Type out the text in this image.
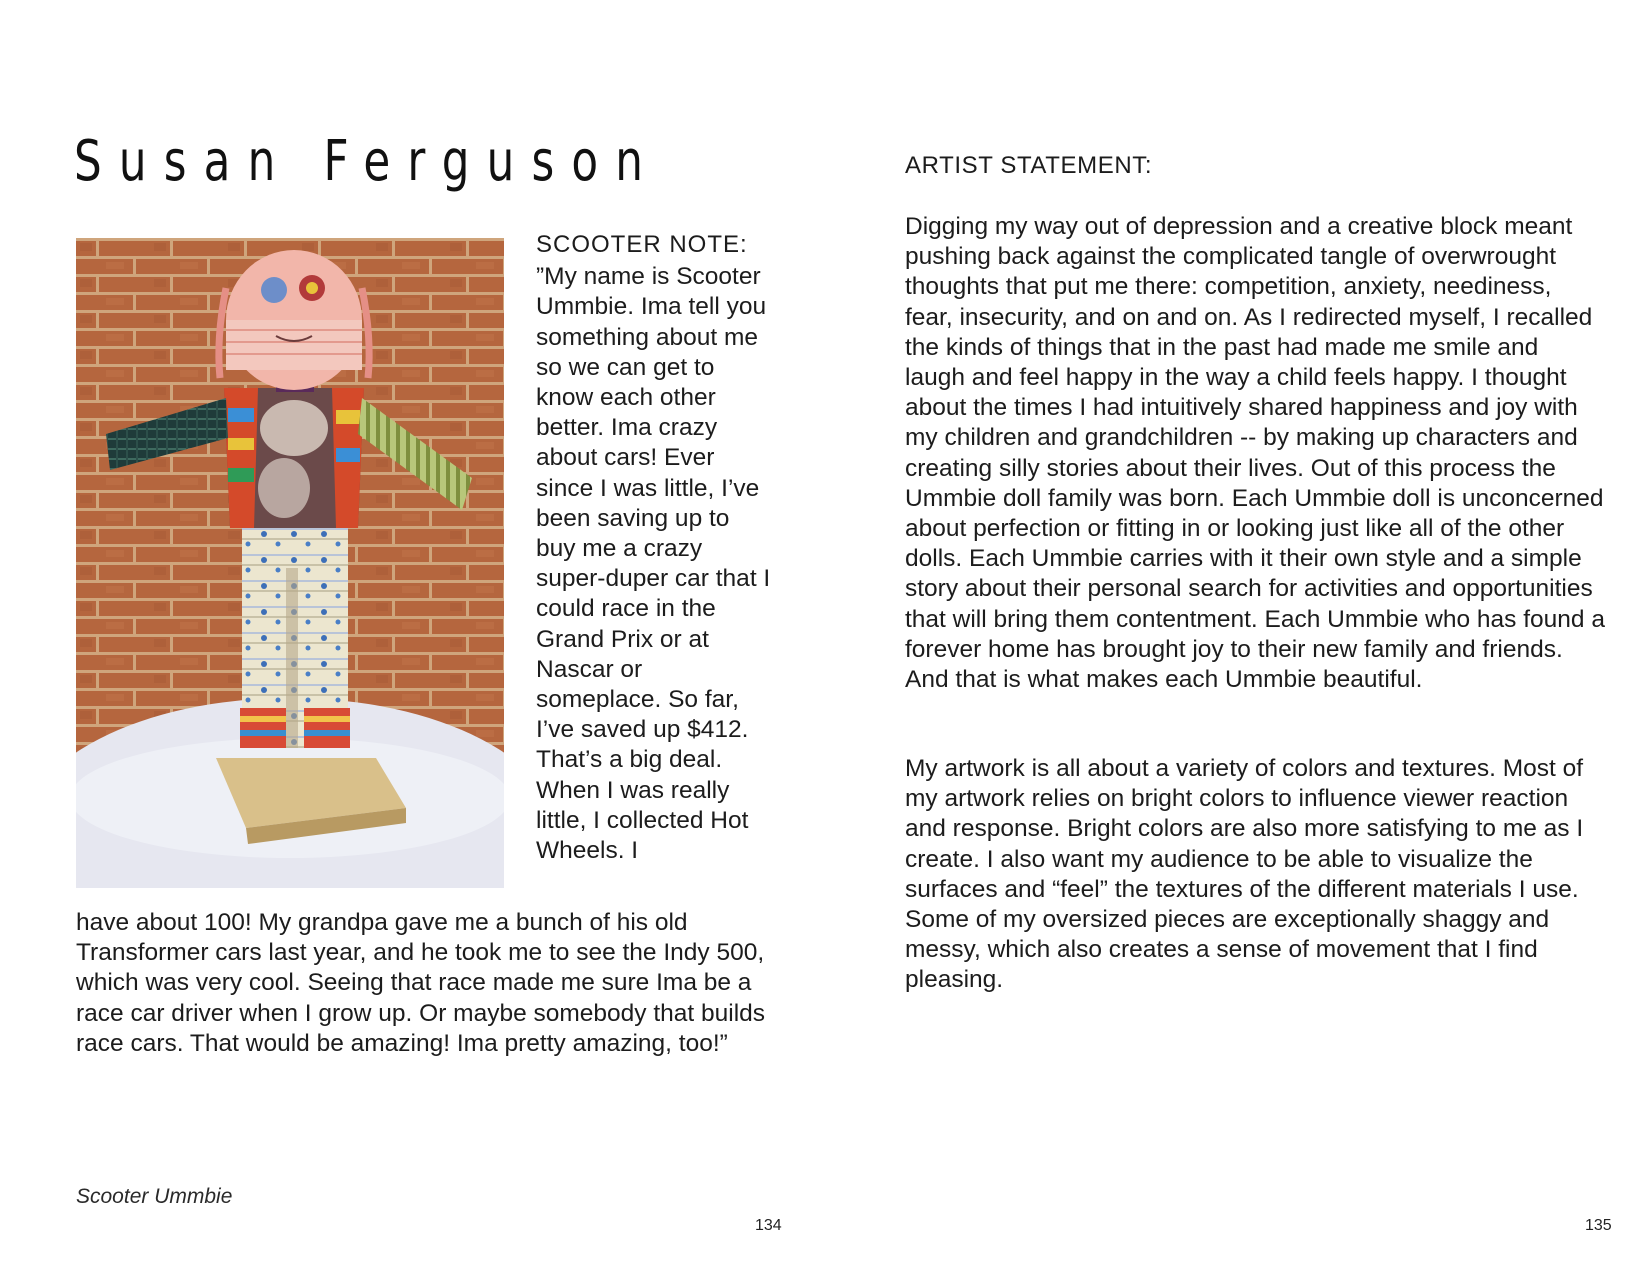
Susan Ferguson

SCOOTER NOTE:
”My name is Scooter Ummbie. Ima tell you something about me so we can get to know each other better. Ima crazy about cars! Ever since I was little, I’ve been saving up to buy me a crazy super-duper car that I could race in the Grand Prix or at Nascar or someplace. So far, I’ve saved up $412. That’s a big deal. When I was really little, I collected Hot Wheels. I

have about 100! My grandpa gave me a bunch of his old Transformer cars last year, and he took me to see the Indy 500, which was very cool. Seeing that race made me sure Ima be a race car driver when I grow up. Or maybe somebody that builds race cars. That would be amazing! Ima pretty amazing, too!”

Scooter Ummbie

134

ARTIST STATEMENT:

Digging my way out of depression and a creative block meant pushing back against the complicated tangle of overwrought thoughts that put me there: competition, anxiety, neediness, fear, insecurity, and on and on. As I redirected myself, I recalled the kinds of things that in the past had made me smile and laugh and feel happy in the way a child feels happy. I thought about the times I had intuitively shared happiness and joy with my children and grandchildren -- by making up characters and creating silly stories about their lives. Out of this process the Ummbie doll family was born. Each Ummbie doll is unconcerned about perfection or fitting in or looking just like all of the other dolls. Each Ummbie carries with it their own style and a simple story about their personal search for activities and opportunities that will bring them contentment. Each Ummbie who has found a forever home has brought joy to their new family and friends. And that is what makes each Ummbie beautiful.

My artwork is all about a variety of colors and textures. Most of my artwork relies on bright colors to influence viewer reaction and response. Bright colors are also more satisfying to me as I create. I also want my audience to be able to visualize the surfaces and “feel” the textures of the different materials I use. Some of my oversized pieces are exceptionally shaggy and messy, which also creates a sense of movement that I find pleasing.

135
